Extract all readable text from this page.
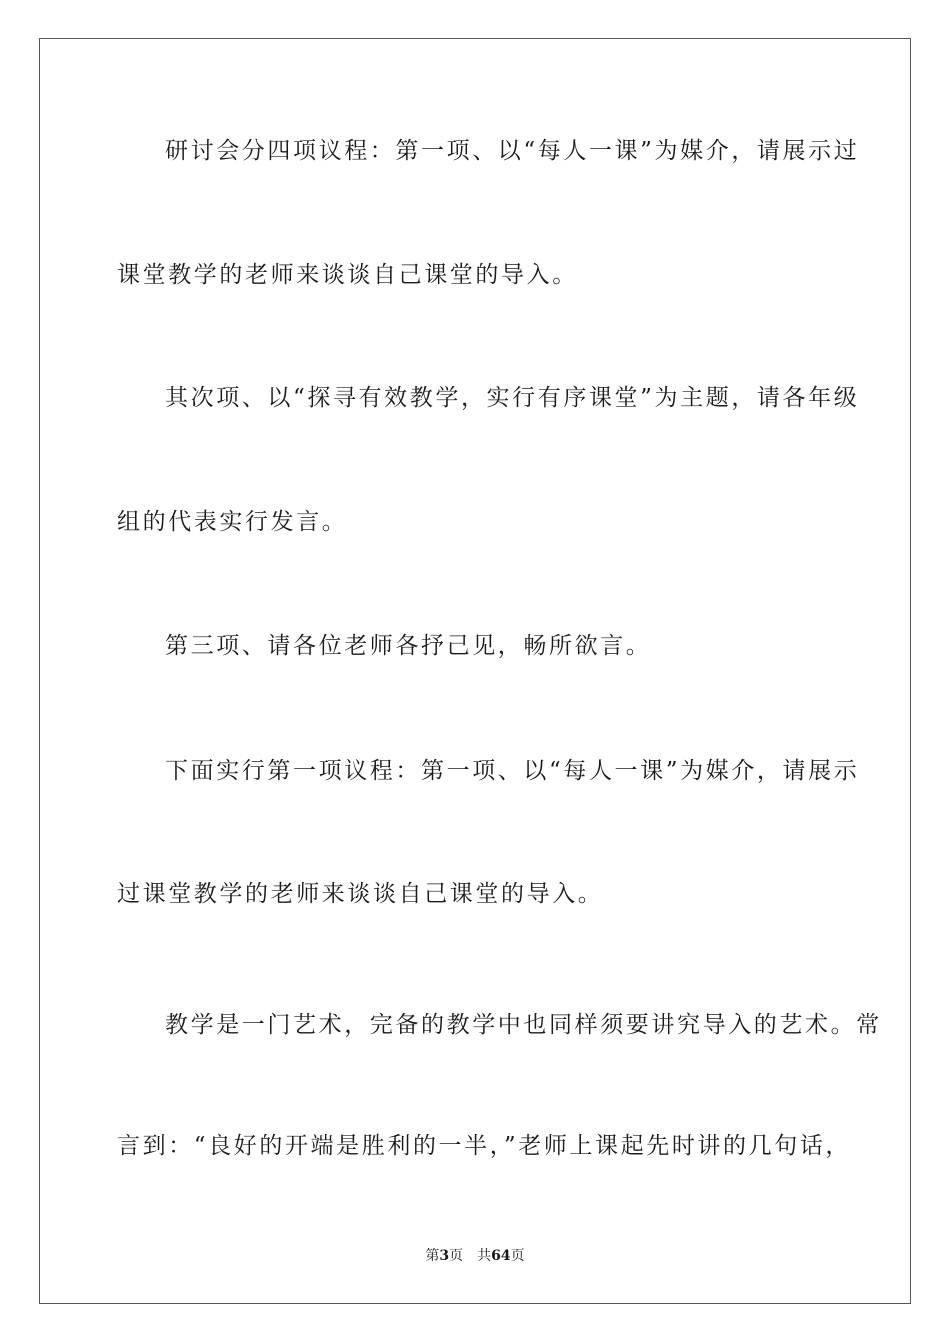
研讨会分四项议程：第一项、以“每人一课”为媒介，请展示过
课堂教学的老师来谈谈自己课堂的导入。
其次项、以“探寻有效教学，实行有序课堂”为主题，请各年级
组的代表实行发言。
第三项、请各位老师各抒己见，畅所欲言。
下面实行第一项议程：第一项、以“每人一课”为媒介，请展示
过课堂教学的老师来谈谈自己课堂的导入。
教学是一门艺术，完备的教学中也同样须要讲究导入的艺术。常
言到：“良好的开端是胜利的一半，”老师上课起先时讲的几句话，
第3页 共64页
